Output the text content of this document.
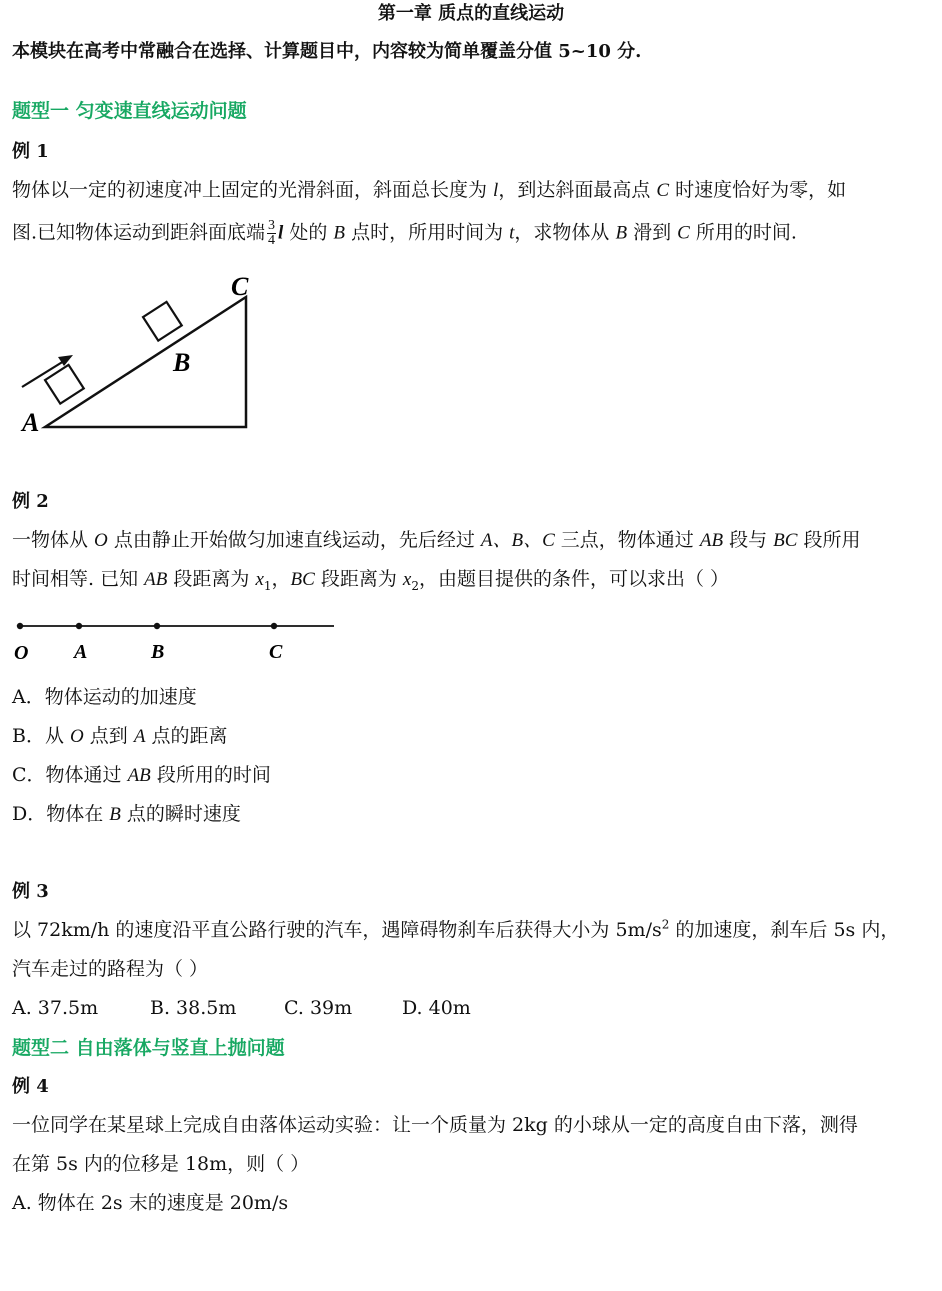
第一章 质点的直线运动
本模块在高考中常融合在选择、计算题目中，内容较为简单覆盖分值 5~10 分.
题型一 匀变速直线运动问题
例 1
物体以一定的初速度冲上固定的光滑斜面，斜面总长度为 l，到达斜面最高点 C 时速度恰好为零，如
图.已知物体运动到距斜面底端 $\frac{3}{4}$ l 处的 B 点时，所用时间为 t，求物体从 B 滑到 C 所用的时间.
A
B
C
例 2
一物体从 O 点由静止开始做匀加速直线运动，先后经过 A、B、C 三点，物体通过 AB 段与 BC 段所用
时间相等. 已知 AB 段距离为 $x_1$，BC 段距离为 $x_2$，由题目提供的条件，可以求出（ ）
O A	B	C
A．物体运动的加速度
B．从 O 点到 A 点的距离
C．物体通过 AB 段所用的时间
D．物体在 B 点的瞬时速度
例 3
以 72km/h 的速度沿平直公路行驶的汽车，遇障碍物刹车后获得大小为 $5m/s^2$ 的加速度，刹车后 5s 内，
汽车走过的路程为（ ）
A. 37.5m	B. 38.5m	C. 39m	D. 40m
题型二 自由落体与竖直上抛问题
例 4
一位同学在某星球上完成自由落体运动实验：让一个质量为 2kg 的小球从一定的高度自由下落，测得
在第 5s 内的位移是 18m，则（ ）
A. 物体在 2s 末的速度是 20m/s
